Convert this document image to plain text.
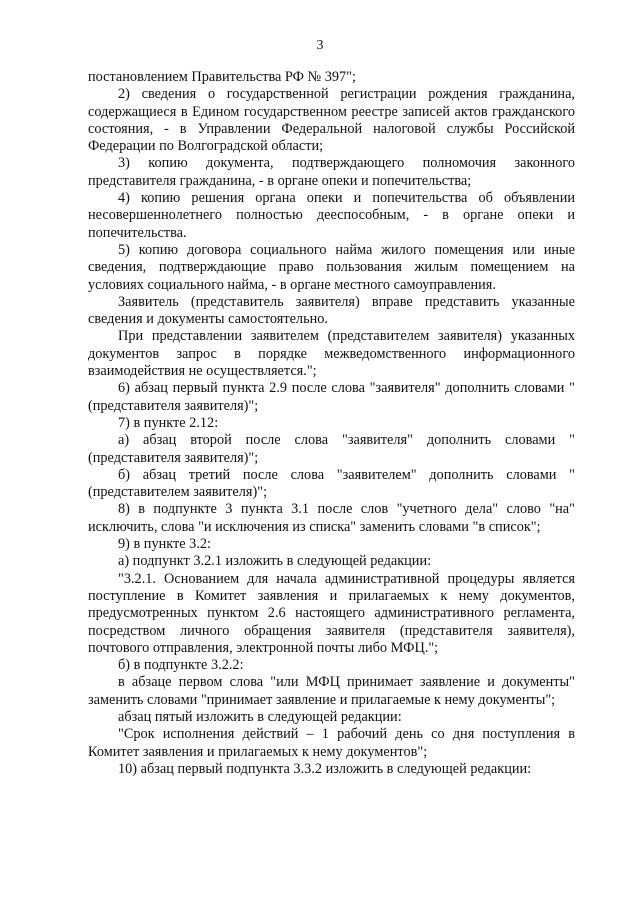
3

постановлением Правительства РФ № 397";

2) сведения о государственной регистрации рождения гражданина, содержащиеся в Едином государственном реестре записей актов гражданского состояния, - в Управлении Федеральной налоговой службы Российской Федерации по Волгоградской области;

3) копию документа, подтверждающего полномочия законного представителя гражданина, - в органе опеки и попечительства;

4) копию решения органа опеки и попечительства об объявлении несовершеннолетнего полностью дееспособным, - в органе опеки и попечительства.

5) копию договора социального найма жилого помещения или иные сведения, подтверждающие право пользования жилым помещением на условиях социального найма, - в органе местного самоуправления.

Заявитель (представитель заявителя) вправе представить указанные сведения и документы самостоятельно.

При представлении заявителем (представителем заявителя) указанных документов запрос в порядке межведомственного информационного взаимодействия не осуществляется.";

6) абзац первый пункта 2.9 после слова "заявителя" дополнить словами "(представителя заявителя)";

7) в пункте 2.12:

а) абзац второй после слова "заявителя" дополнить словами "(представителя заявителя)";

б) абзац третий после слова "заявителем" дополнить словами "(представителем заявителя)";

8) в подпункте 3 пункта 3.1 после слов "учетного дела" слово "на" исключить, слова "и исключения из списка" заменить словами "в список";

9) в пункте 3.2:

а) подпункт 3.2.1 изложить в следующей редакции:

"3.2.1. Основанием для начала административной процедуры является поступление в Комитет заявления и прилагаемых к нему документов, предусмотренных пунктом 2.6 настоящего административного регламента, посредством личного обращения заявителя (представителя заявителя), почтового отправления, электронной почты либо МФЦ.";

б) в подпункте 3.2.2:

в абзаце первом слова "или МФЦ принимает заявление и документы" заменить словами "принимает заявление и прилагаемые к нему документы";

абзац пятый изложить в следующей редакции:

"Срок исполнения действий – 1 рабочий день со дня поступления в Комитет заявления и прилагаемых к нему документов";

10) абзац первый подпункта 3.3.2 изложить в следующей редакции:
